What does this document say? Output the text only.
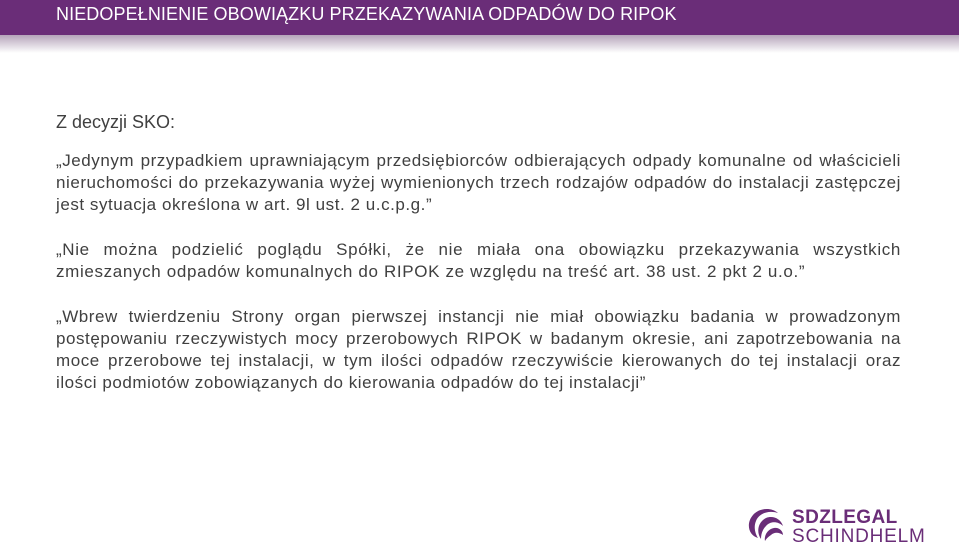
NIEDOPEŁNIENIE OBOWIĄZKU PRZEKAZYWANIA ODPADÓW DO RIPOK

Z decyzji SKO:

„Jedynym przypadkiem uprawniającym przedsiębiorców odbierających odpady komunalne od właścicieli nieruchomości do przekazywania wyżej wymienionych trzech rodzajów odpadów do instalacji zastępczej jest sytuacja określona w art. 9l ust. 2 u.c.p.g.”

„Nie można podzielić poglądu Spółki, że nie miała ona obowiązku przekazywania wszystkich zmieszanych odpadów komunalnych do RIPOK ze względu na treść art. 38 ust. 2 pkt 2 u.o.”

„Wbrew twierdzeniu Strony organ pierwszej instancji nie miał obowiązku badania w prowadzonym postępowaniu rzeczywistych mocy przerobowych RIPOK w badanym okresie, ani zapotrzebowania na moce przerobowe tej instalacji, w tym ilości odpadów rzeczywiście kierowanych do tej instalacji oraz ilości podmiotów zobowiązanych do kierowania odpadów do tej instalacji”

SDZLEGAL
SCHINDHELM
